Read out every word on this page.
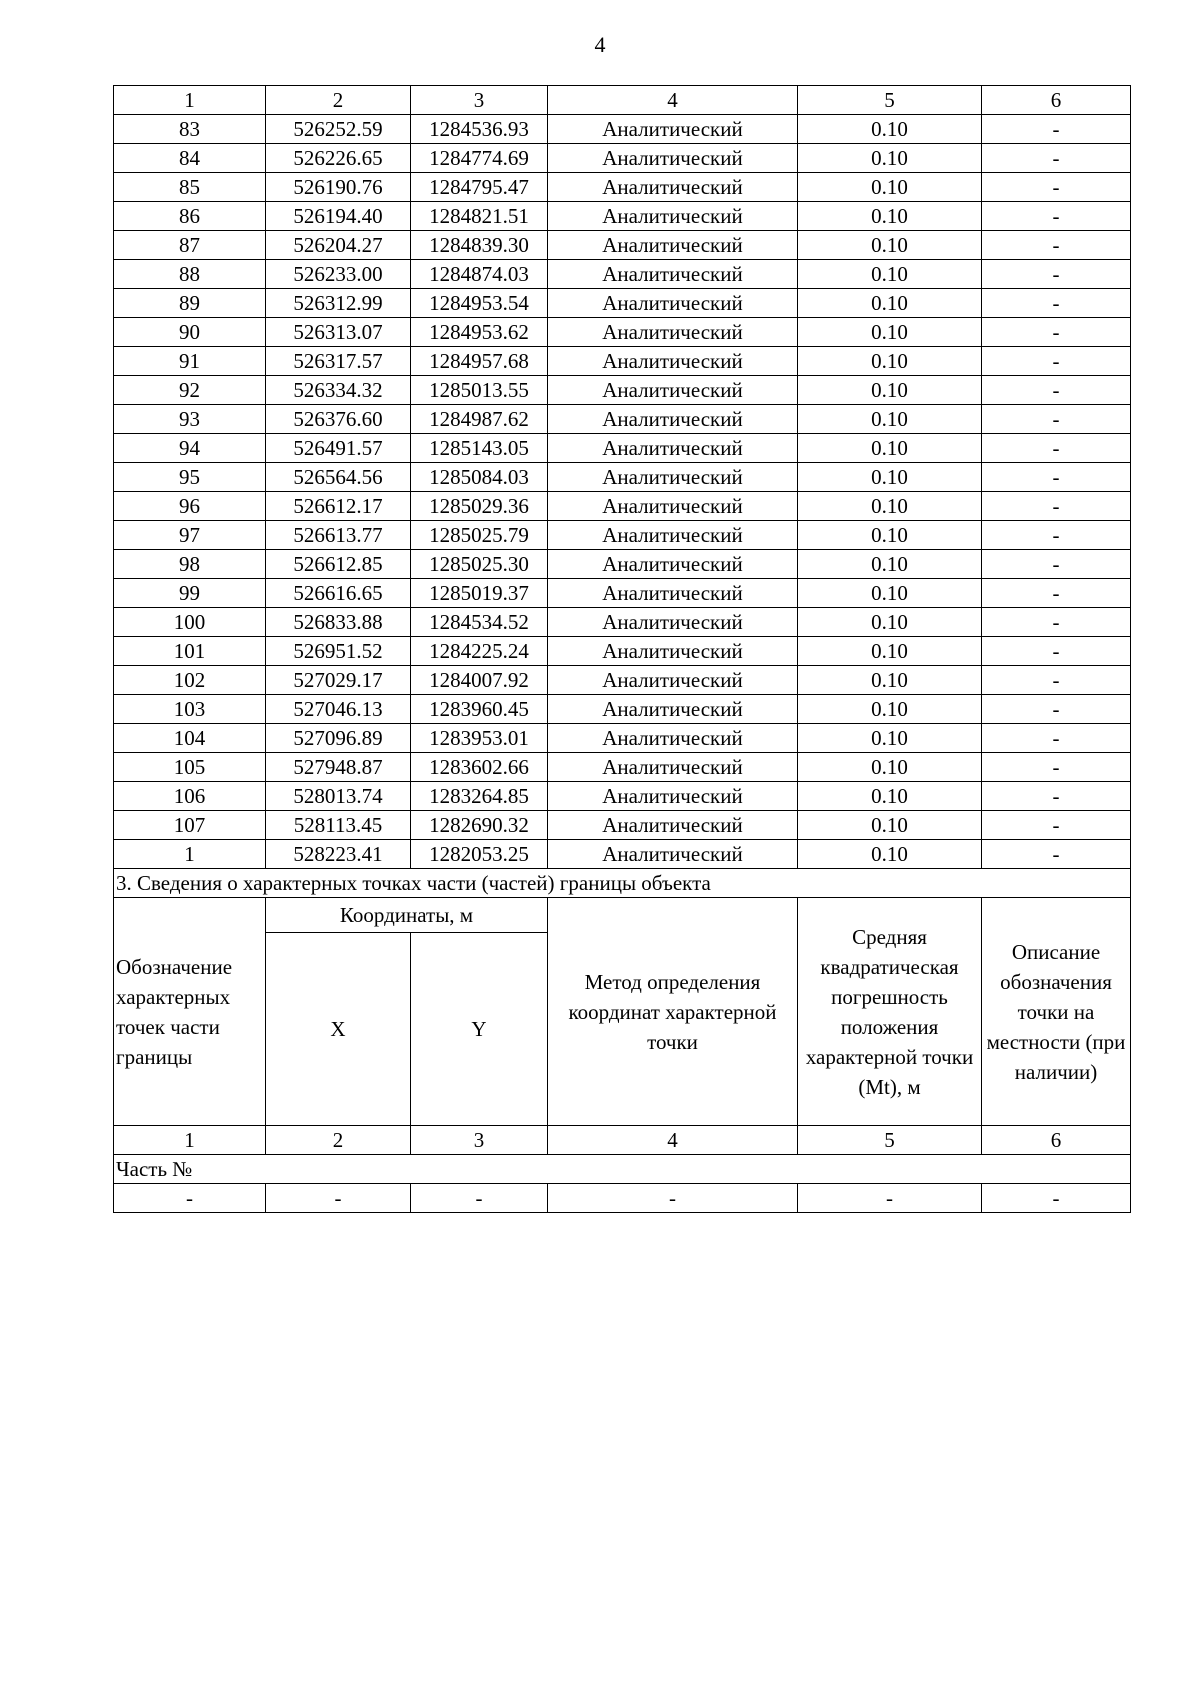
4
1	2	3	4	5	6
83	526252.59	1284536.93	Аналитический	0.10	-
84	526226.65	1284774.69	Аналитический	0.10	-
85	526190.76	1284795.47	Аналитический	0.10	-
86	526194.40	1284821.51	Аналитический	0.10	-
87	526204.27	1284839.30	Аналитический	0.10	-
88	526233.00	1284874.03	Аналитический	0.10	-
89	526312.99	1284953.54	Аналитический	0.10	-
90	526313.07	1284953.62	Аналитический	0.10	-
91	526317.57	1284957.68	Аналитический	0.10	-
92	526334.32	1285013.55	Аналитический	0.10	-
93	526376.60	1284987.62	Аналитический	0.10	-
94	526491.57	1285143.05	Аналитический	0.10	-
95	526564.56	1285084.03	Аналитический	0.10	-
96	526612.17	1285029.36	Аналитический	0.10	-
97	526613.77	1285025.79	Аналитический	0.10	-
98	526612.85	1285025.30	Аналитический	0.10	-
99	526616.65	1285019.37	Аналитический	0.10	-
100	526833.88	1284534.52	Аналитический	0.10	-
101	526951.52	1284225.24	Аналитический	0.10	-
102	527029.17	1284007.92	Аналитический	0.10	-
103	527046.13	1283960.45	Аналитический	0.10	-
104	527096.89	1283953.01	Аналитический	0.10	-
105	527948.87	1283602.66	Аналитический	0.10	-
106	528013.74	1283264.85	Аналитический	0.10	-
107	528113.45	1282690.32	Аналитический	0.10	-
1	528223.41	1282053.25	Аналитический	0.10	-
3. Сведения о характерных точках части (частей) границы объекта					
Обозначение характерных точек части границы	Координаты, м		Метод определения координат характерной точки	Средняя квадратическая погрешность положения характерной точки (Mt), м	Описание обозначения точки на местности (при наличии)
	X	Y			
1	2	3	4	5	6
Часть №					
-	-	-	-	-	-
